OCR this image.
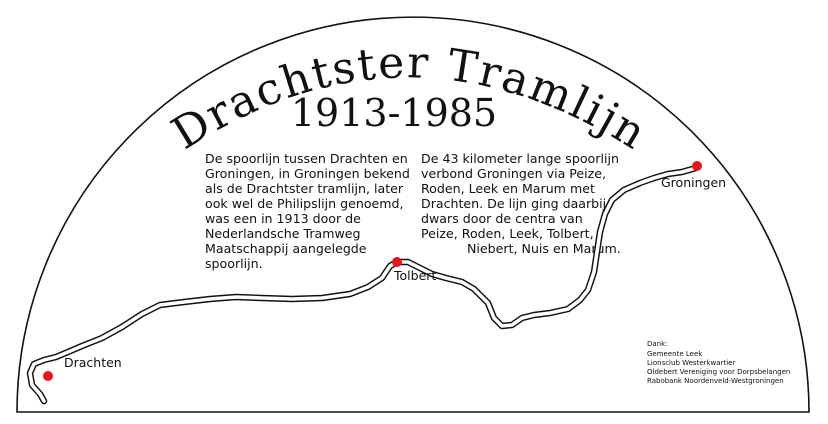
Drachtster Tramlijn
1913-1985
De spoorlijn tussen Drachten en
Groningen, in Groningen bekend
als de Drachtster tramlijn, later
ook wel de Philipslijn genoemd,
was een in 1913 door de
Nederlandsche Tramweg
Maatschappij aangelegde
spoorlijn.
De 43 kilometer lange spoorlijn
verbond Groningen via Peize,
Roden, Leek en Marum met
Drachten. De lijn ging daarbij
dwars door de centra van
Peize, Roden, Leek, Tolbert,
Niebert, Nuis en Marum.
Drachten
Tolbert
Groningen
Dank:
Gemeente Leek
Lionsclub Westerkwartier
Oldebert Vereniging voor Dorpsbelangen
Rabobank Noordenveld-Westgroningen
